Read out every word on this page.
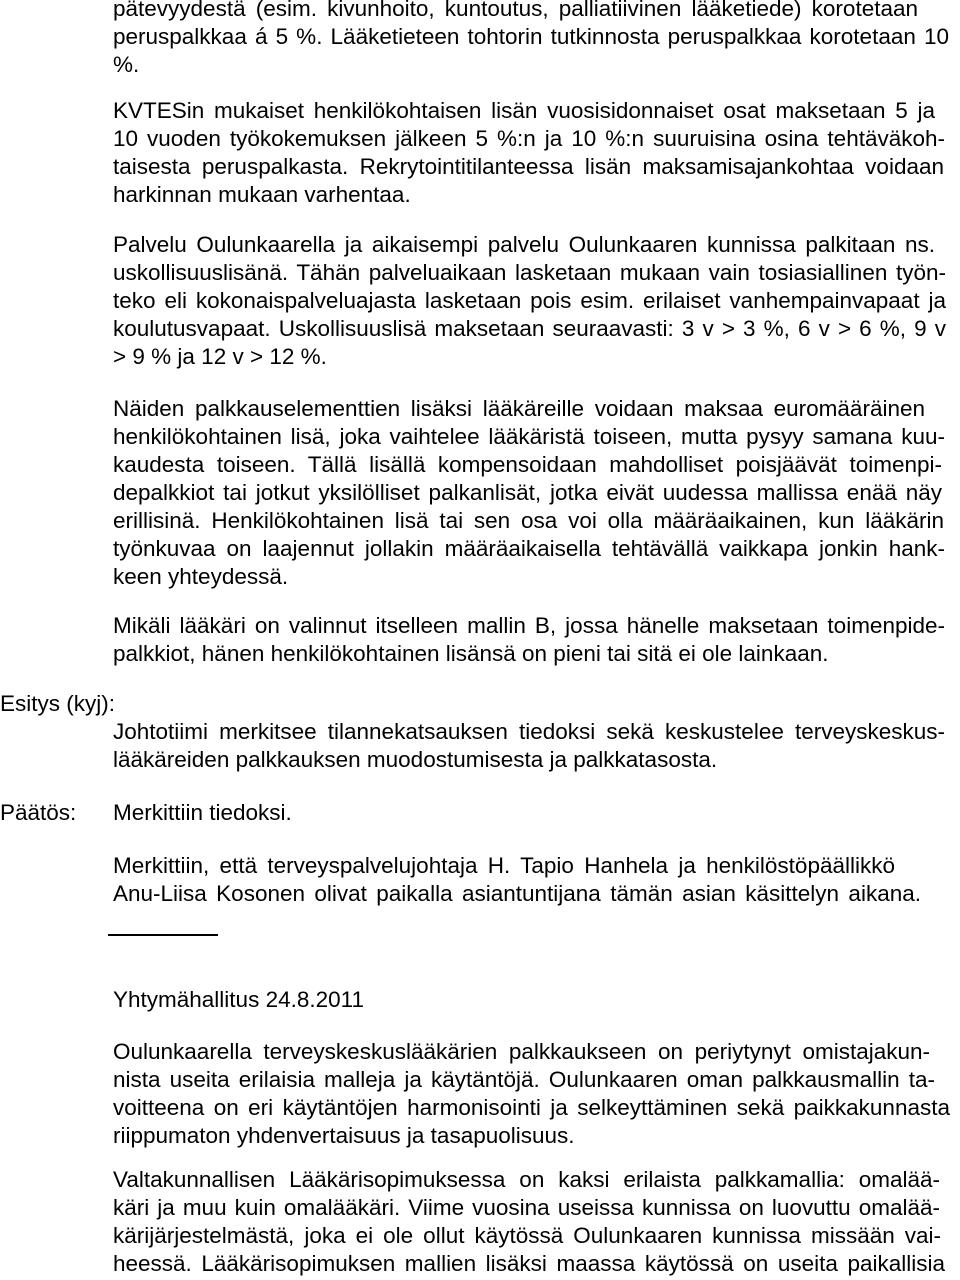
pätevyydestä (esim. kivunhoito, kuntoutus, palliatiivinen lääketiede) korotetaan
peruspalkkaa á 5 %. Lääketieteen tohtorin tutkinnosta peruspalkkaa korotetaan 10
%.
KVTESin mukaiset henkilökohtaisen lisän vuosisidonnaiset osat maksetaan 5 ja
10 vuoden työkokemuksen jälkeen 5 %:n ja 10 %:n suuruisina osina tehtäväkoh-
taisesta peruspalkasta. Rekrytointitilanteessa lisän maksamisajankohtaa voidaan
harkinnan mukaan varhentaa.
Palvelu Oulunkaarella ja aikaisempi palvelu Oulunkaaren kunnissa palkitaan ns.
uskollisuuslisänä. Tähän palveluaikaan lasketaan mukaan vain tosiasiallinen työn-
teko eli kokonaispalveluajasta lasketaan pois esim. erilaiset vanhempainvapaat ja
koulutusvapaat. Uskollisuuslisä maksetaan seuraavasti: 3 v > 3 %, 6 v > 6 %, 9 v
> 9 % ja 12 v > 12 %.
Näiden palkkauselementtien lisäksi lääkäreille voidaan maksaa euromääräinen
henkilökohtainen lisä, joka vaihtelee lääkäristä toiseen, mutta pysyy samana kuu-
kaudesta toiseen. Tällä lisällä kompensoidaan mahdolliset poisjäävät toimenpi-
depalkkiot tai jotkut yksilölliset palkanlisät, jotka eivät uudessa mallissa enää näy
erillisinä. Henkilökohtainen lisä tai sen osa voi olla määräaikainen, kun lääkärin
työnkuvaa on laajennut jollakin määräaikaisella tehtävällä vaikkapa jonkin hank-
keen yhteydessä.
Mikäli lääkäri on valinnut itselleen mallin B, jossa hänelle maksetaan toimenpide-
palkkiot, hänen henkilökohtainen lisänsä on pieni tai sitä ei ole lainkaan.
Esitys (kyj):
Johtotiimi merkitsee tilannekatsauksen tiedoksi sekä keskustelee terveyskeskus-
lääkäreiden palkkauksen muodostumisesta ja palkkatasosta.
Päätös: Merkittiin tiedoksi.
Merkittiin, että terveyspalvelujohtaja H. Tapio Hanhela ja henkilöstöpäällikkö
Anu-Liisa Kosonen olivat paikalla asiantuntijana tämän asian käsittelyn aikana.
Yhtymähallitus 24.8.2011
Oulunkaarella terveyskeskuslääkärien palkkaukseen on periytynyt omistajakun-
nista useita erilaisia malleja ja käytäntöjä. Oulunkaaren oman palkkausmallin ta-
voitteena on eri käytäntöjen harmonisointi ja selkeyttäminen sekä paikkakunnasta
riippumaton yhdenvertaisuus ja tasapuolisuus.
Valtakunnallisen Lääkärisopimuksessa on kaksi erilaista palkkamallia: omalää-
käri ja muu kuin omalääkäri. Viime vuosina useissa kunnissa on luovuttu omalää-
kärijärjestelmästä, joka ei ole ollut käytössä Oulunkaaren kunnissa missään vai-
heessä. Lääkärisopimuksen mallien lisäksi maassa käytössä on useita paikallisia
